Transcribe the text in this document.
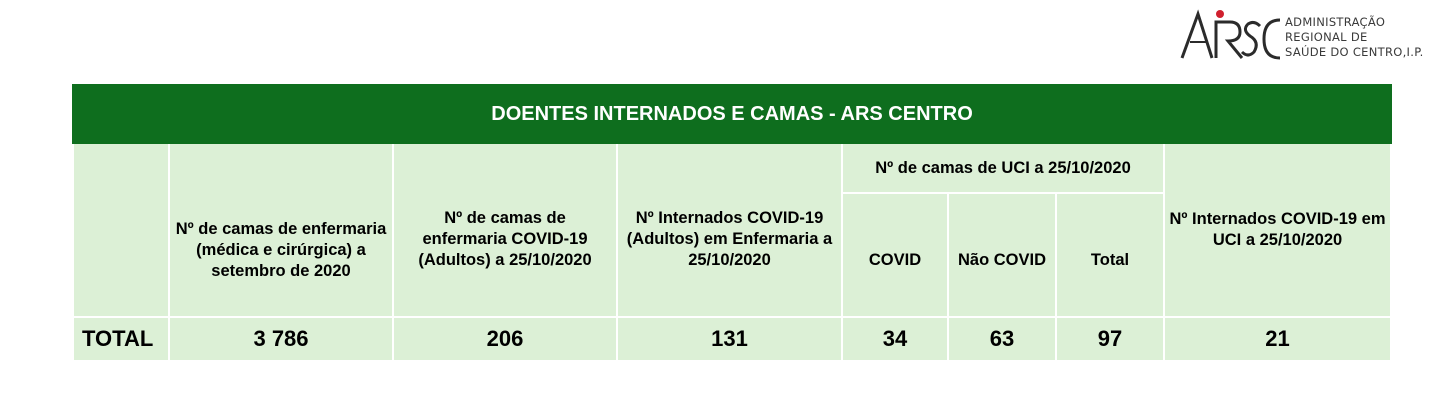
ADMINISTRAÇÃO
REGIONAL DE
SAÚDE DO CENTRO,I.P.
DOENTES INTERNADOS E CAMAS - ARS CENTRO							
	Nº de camas de enfermaria (médica e cirúrgica) a setembro de 2020	Nº de camas de enfermaria COVID-19 (Adultos) a 25/10/2020	Nº Internados COVID-19 (Adultos) em Enfermaria a 25/10/2020	Nº de camas de UCI a 25/10/2020			Nº Internados COVID-19 em UCI a 25/10/2020
				COVID	Não COVID	Total	
TOTAL	3 786	206	131	34	63	97	21
